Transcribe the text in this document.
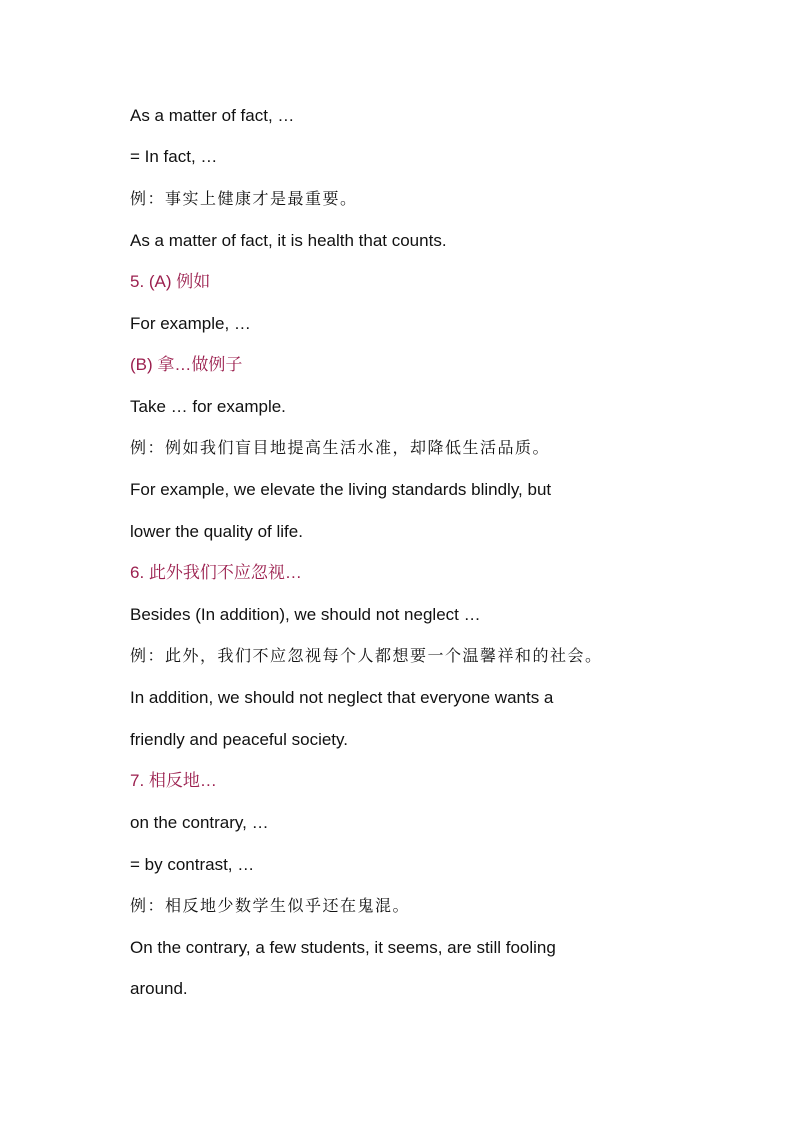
As a matter of fact, …
= In fact, …
例：事实上健康才是最重要。
As a matter of fact, it is health that counts.
5. (A) 例如
For example, …
(B) 拿…做例子
Take … for example.
例：例如我们盲目地提高生活水准，却降低生活品质。
For example, we elevate the living standards blindly, but
lower the quality of life.
6. 此外我们不应忽视…
Besides (In addition), we should not neglect …
例：此外，我们不应忽视每个人都想要一个温馨祥和的社会。
In addition, we should not neglect that everyone wants a
friendly and peaceful society.
7. 相反地…
on the contrary, …
= by contrast, …
例：相反地少数学生似乎还在鬼混。
On the contrary, a few students, it seems, are still fooling
around.
